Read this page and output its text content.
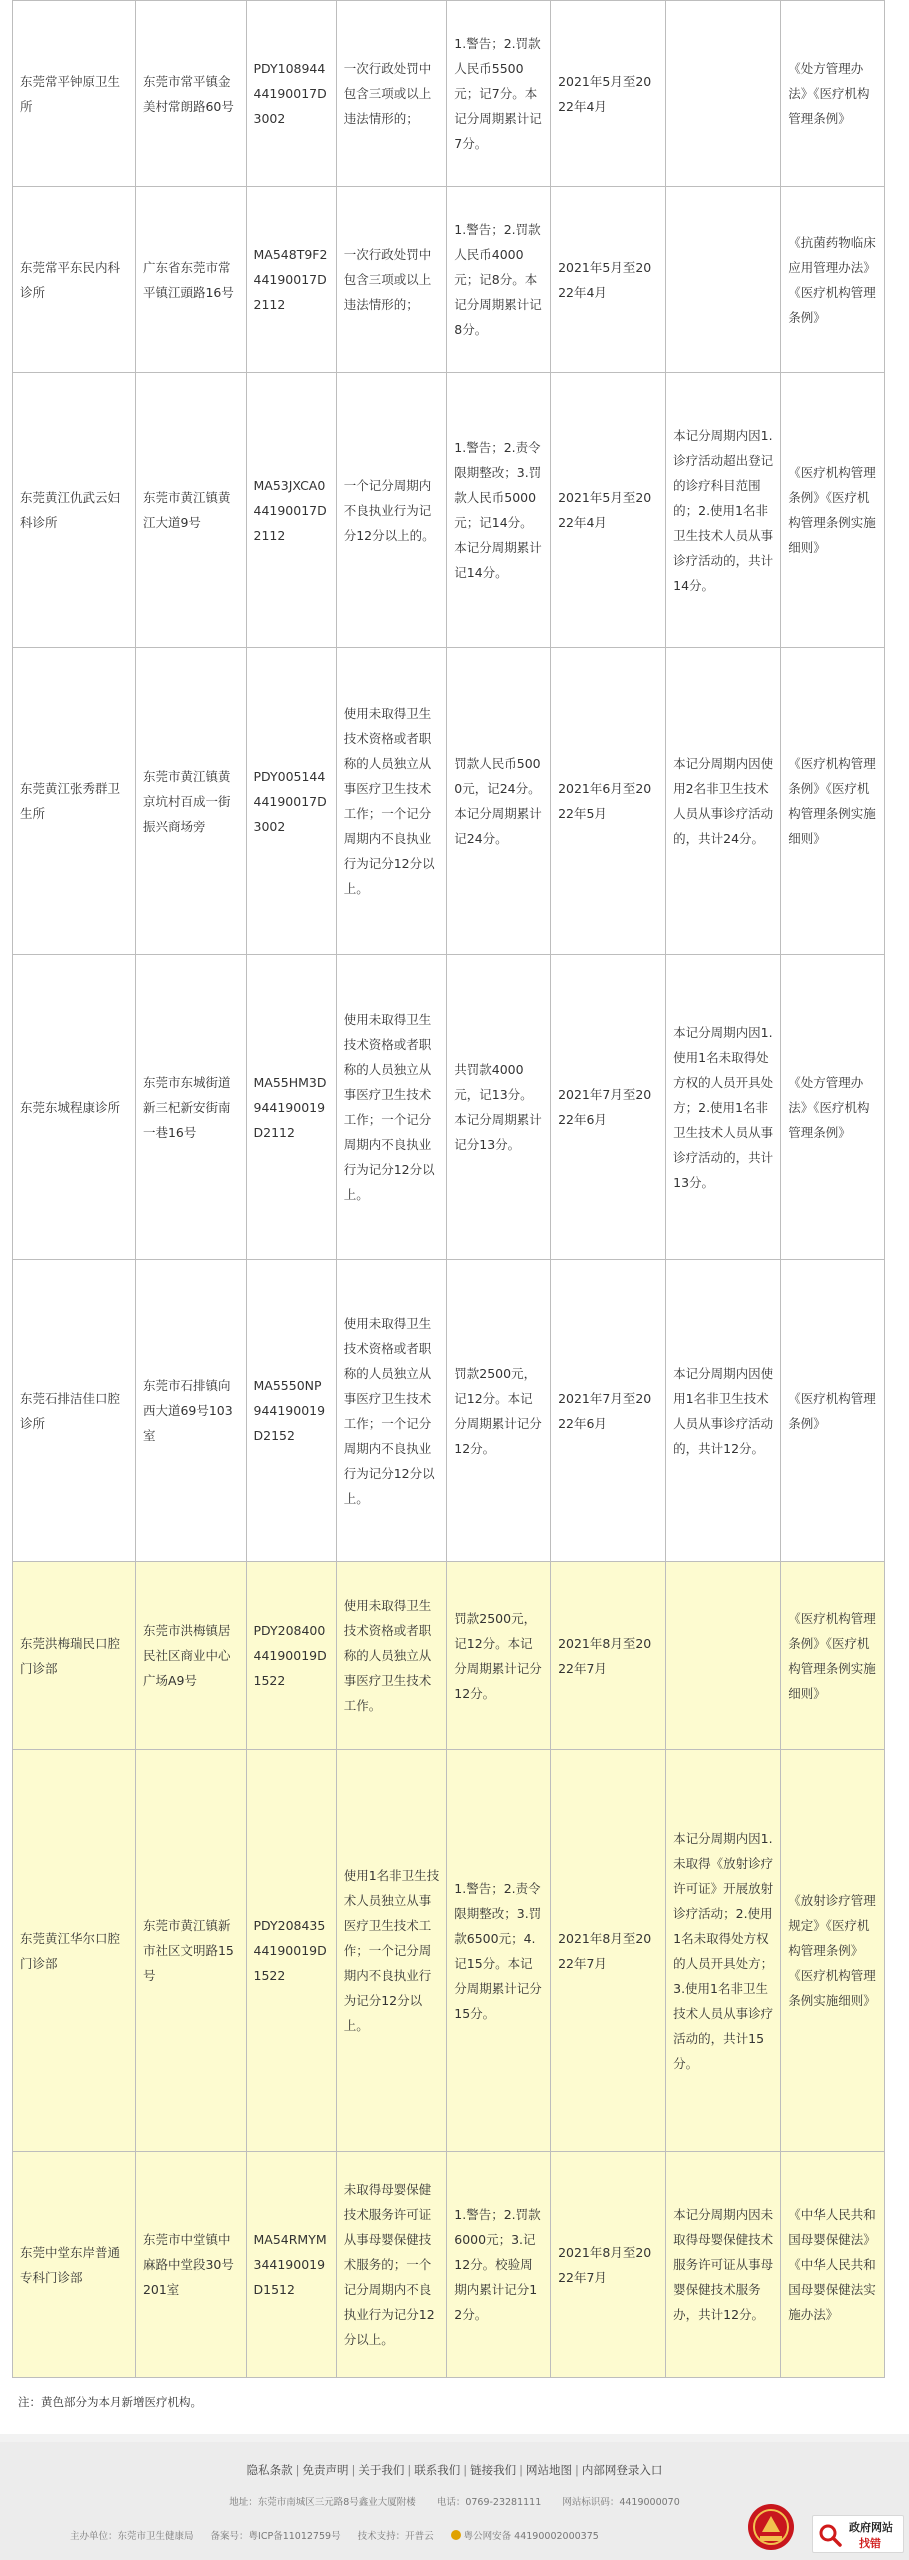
东莞常平钟原卫生所	东莞市常平镇金美村常朗路60号	PDY10894444190017D3002	一次行政处罚中包含三项或以上违法情形的；	1.警告；2.罚款人民币5500元；记7分。本记分周期累计记7分。	2021年5月至2022年4月		《处方管理办法》《医疗机构管理条例》
东莞常平东民内科诊所	广东省东莞市常平镇江頭路16号	MA548T9F244190017D2112	一次行政处罚中包含三项或以上违法情形的；	1.警告；2.罚款人民币4000元；记8分。本记分周期累计记8分。	2021年5月至2022年4月		《抗菌药物临床应用管理办法》《医疗机构管理条例》
东莞黄江仇武云妇科诊所	东莞市黄江镇黄江大道9号	MA53JXCA044190017D2112	一个记分周期内不良执业行为记分12分以上的。	1.警告；2.责令限期整改；3.罚款人民币5000元；记14分。本记分周期累计记14分。	2021年5月至2022年4月	本记分周期内因1.诊疗活动超出登记的诊疗科目范围的；2.使用1名非卫生技术人员从事诊疗活动的，共计14分。	《医疗机构管理条例》《医疗机构管理条例实施细则》
东莞黄江张秀群卫生所	东莞市黄江镇黄京坑村百成一街振兴商场旁	PDY00514444190017D3002	使用未取得卫生技术资格或者职称的人员独立从事医疗卫生技术工作；一个记分周期内不良执业行为记分12分以上。	罚款人民币5000元，记24分。本记分周期累计记24分。	2021年6月至2022年5月	本记分周期内因使用2名非卫生技术人员从事诊疗活动的，共计24分。	《医疗机构管理条例》《医疗机构管理条例实施细则》
东莞东城程康诊所	东莞市东城街道新三杞新安街南一巷16号	MA55HM3D944190019D2112	使用未取得卫生技术资格或者职称的人员独立从事医疗卫生技术工作；一个记分周期内不良执业行为记分12分以上。	共罚款4000元，记13分。本记分周期累计记分13分。	2021年7月至2022年6月	本记分周期内因1.使用1名未取得处方权的人员开具处方；2.使用1名非卫生技术人员从事诊疗活动的，共计13分。	《处方管理办法》《医疗机构管理条例》
东莞石排洁佳口腔诊所	东莞市石排镇向西大道69号103室	MA5550NP944190019D2152	使用未取得卫生技术资格或者职称的人员独立从事医疗卫生技术工作；一个记分周期内不良执业行为记分12分以上。	罚款2500元，记12分。本记分周期累计记分12分。	2021年7月至2022年6月	本记分周期内因使用1名非卫生技术人员从事诊疗活动的，共计12分。	《医疗机构管理条例》
东莞洪梅瑞民口腔门诊部	东莞市洪梅镇居民社区商业中心广场A9号	PDY20840044190019D1522	使用未取得卫生技术资格或者职称的人员独立从事医疗卫生技术工作。	罚款2500元，记12分。本记分周期累计记分12分。	2021年8月至2022年7月		《医疗机构管理条例》《医疗机构管理条例实施细则》
东莞黄江华尔口腔门诊部	东莞市黄江镇新市社区文明路15号	PDY20843544190019D1522	使用1名非卫生技术人员独立从事医疗卫生技术工作；一个记分周期内不良执业行为记分12分以上。	1.警告；2.责令限期整改；3.罚款6500元；4.记15分。本记分周期累计记分15分。	2021年8月至2022年7月	本记分周期内因1.未取得《放射诊疗许可证》开展放射诊疗活动；2.使用1名未取得处方权的人员开具处方；3.使用1名非卫生技术人员从事诊疗活动的，共计15分。	《放射诊疗管理规定》《医疗机构管理条例》《医疗机构管理条例实施细则》
东莞中堂东岸普通专科门诊部	东莞市中堂镇中麻路中堂段30号201室	MA54RMYM344190019D1512	未取得母婴保健技术服务许可证从事母婴保健技术服务的；一个记分周期内不良执业行为记分12分以上。	1.警告；2.罚款6000元；3.记12分。校验周期内累计记分12分。	2021年8月至2022年7月	本记分周期内因未取得母婴保健技术服务许可证从事母婴保健技术服务办，共计12分。	《中华人民共和国母婴保健法》《中华人民共和国母婴保健法实施办法》
注：黄色部分为本月新增医疗机构。
隐私条款 | 免责声明 | 关于我们 | 联系我们 | 链接我们 | 网站地图 | 内部网登录入口
地址：东莞市南城区三元路8号鑫业大厦附楼 电话：0769-23281111 网站标识码：4419000070
主办单位：东莞市卫生健康局 备案号：粤ICP备11012759号 技术支持：开普云	粤公网安备 44190002000375
政府网站
找错
